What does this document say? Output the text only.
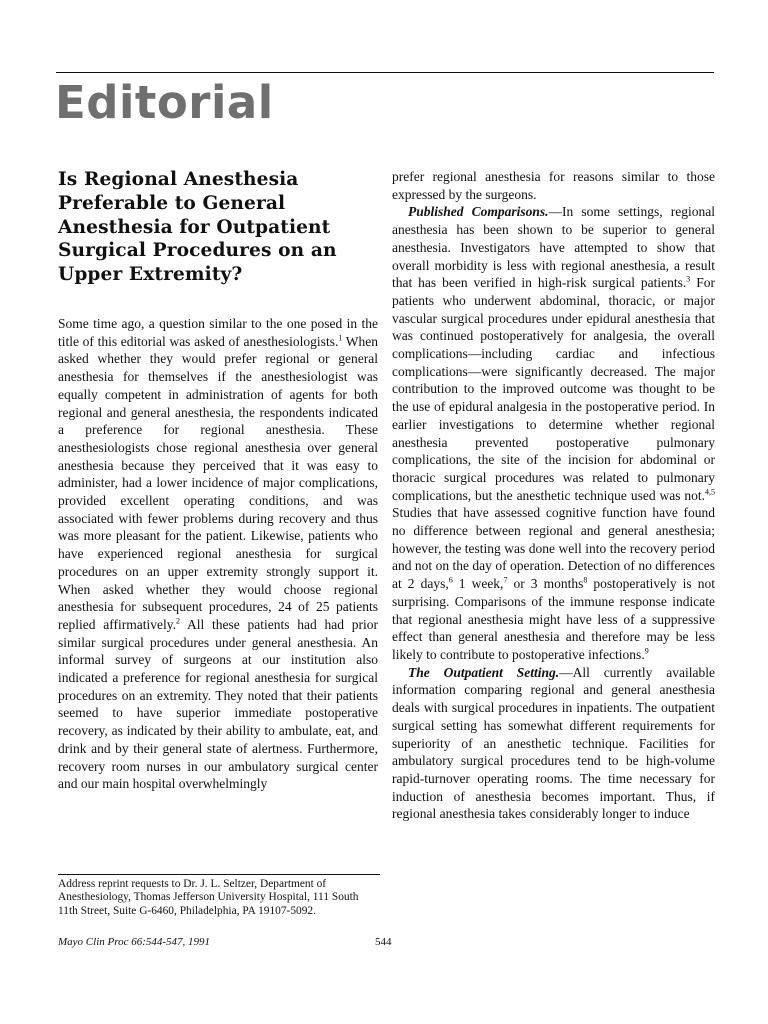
Editorial
Is Regional Anesthesia Preferable to General Anesthesia for Outpatient Surgical Procedures on an Upper Extremity?

Some time ago, a question similar to the one posed in the title of this editorial was asked of anesthesiologists.$^1$ When asked whether they would prefer regional or general anesthesia for themselves if the anesthesiologist was equally competent in administration of agents for both regional and general anesthesia, the respondents indicated a preference for regional anesthesia. These anesthesiologists chose regional anesthesia over general anesthesia because they perceived that it was easy to administer, had a lower incidence of major complications, provided excellent operating conditions, and was associated with fewer problems during recovery and thus was more pleasant for the patient. Likewise, patients who have experienced regional anesthesia for surgical procedures on an upper extremity strongly support it. When asked whether they would choose regional anesthesia for subsequent procedures, 24 of 25 patients replied affirmatively.$^2$ All these patients had had prior similar surgical procedures under general anesthesia. An informal survey of surgeons at our institution also indicated a preference for regional anesthesia for surgical procedures on an extremity. They noted that their patients seemed to have superior immediate postoperative recovery, as indicated by their ability to ambulate, eat, and drink and by their general state of alertness. Furthermore, recovery room nurses in our ambulatory surgical center and our main hospital overwhelmingly

prefer regional anesthesia for reasons similar to those expressed by the surgeons.

Published Comparisons.—In some settings, regional anesthesia has been shown to be superior to general anesthesia. Investigators have attempted to show that overall morbidity is less with regional anesthesia, a result that has been verified in high-risk surgical patients.$^3$ For patients who underwent abdominal, thoracic, or major vascular surgical procedures under epidural anesthesia that was continued postoperatively for analgesia, the overall complications—including cardiac and infectious complications—were significantly decreased. The major contribution to the improved outcome was thought to be the use of epidural analgesia in the postoperative period. In earlier investigations to determine whether regional anesthesia prevented postoperative pulmonary complications, the site of the incision for abdominal or thoracic surgical procedures was related to pulmonary complications, but the anesthetic technique used was not.$^{4,5}$ Studies that have assessed cognitive function have found no difference between regional and general anesthesia; however, the testing was done well into the recovery period and not on the day of operation. Detection of no differences at 2 days,$^6$ 1 week,$^7$ or 3 months$^8$ postoperatively is not surprising. Comparisons of the immune response indicate that regional anesthesia might have less of a suppressive effect than general anesthesia and therefore may be less likely to contribute to postoperative infections.$^9$

The Outpatient Setting.—All currently available information comparing regional and general anesthesia deals with surgical procedures in inpatients. The outpatient surgical setting has somewhat different requirements for superiority of an anesthetic technique. Facilities for ambulatory surgical procedures tend to be high-volume rapid-turnover operating rooms. The time necessary for induction of anesthesia becomes important. Thus, if regional anesthesia takes considerably longer to induce

Address reprint requests to Dr. J. L. Seltzer, Department of Anesthesiology, Thomas Jefferson University Hospital, 111 South 11th Street, Suite G-6460, Philadelphia, PA 19107-5092.

Mayo Clin Proc 66:544-547, 1991	544
